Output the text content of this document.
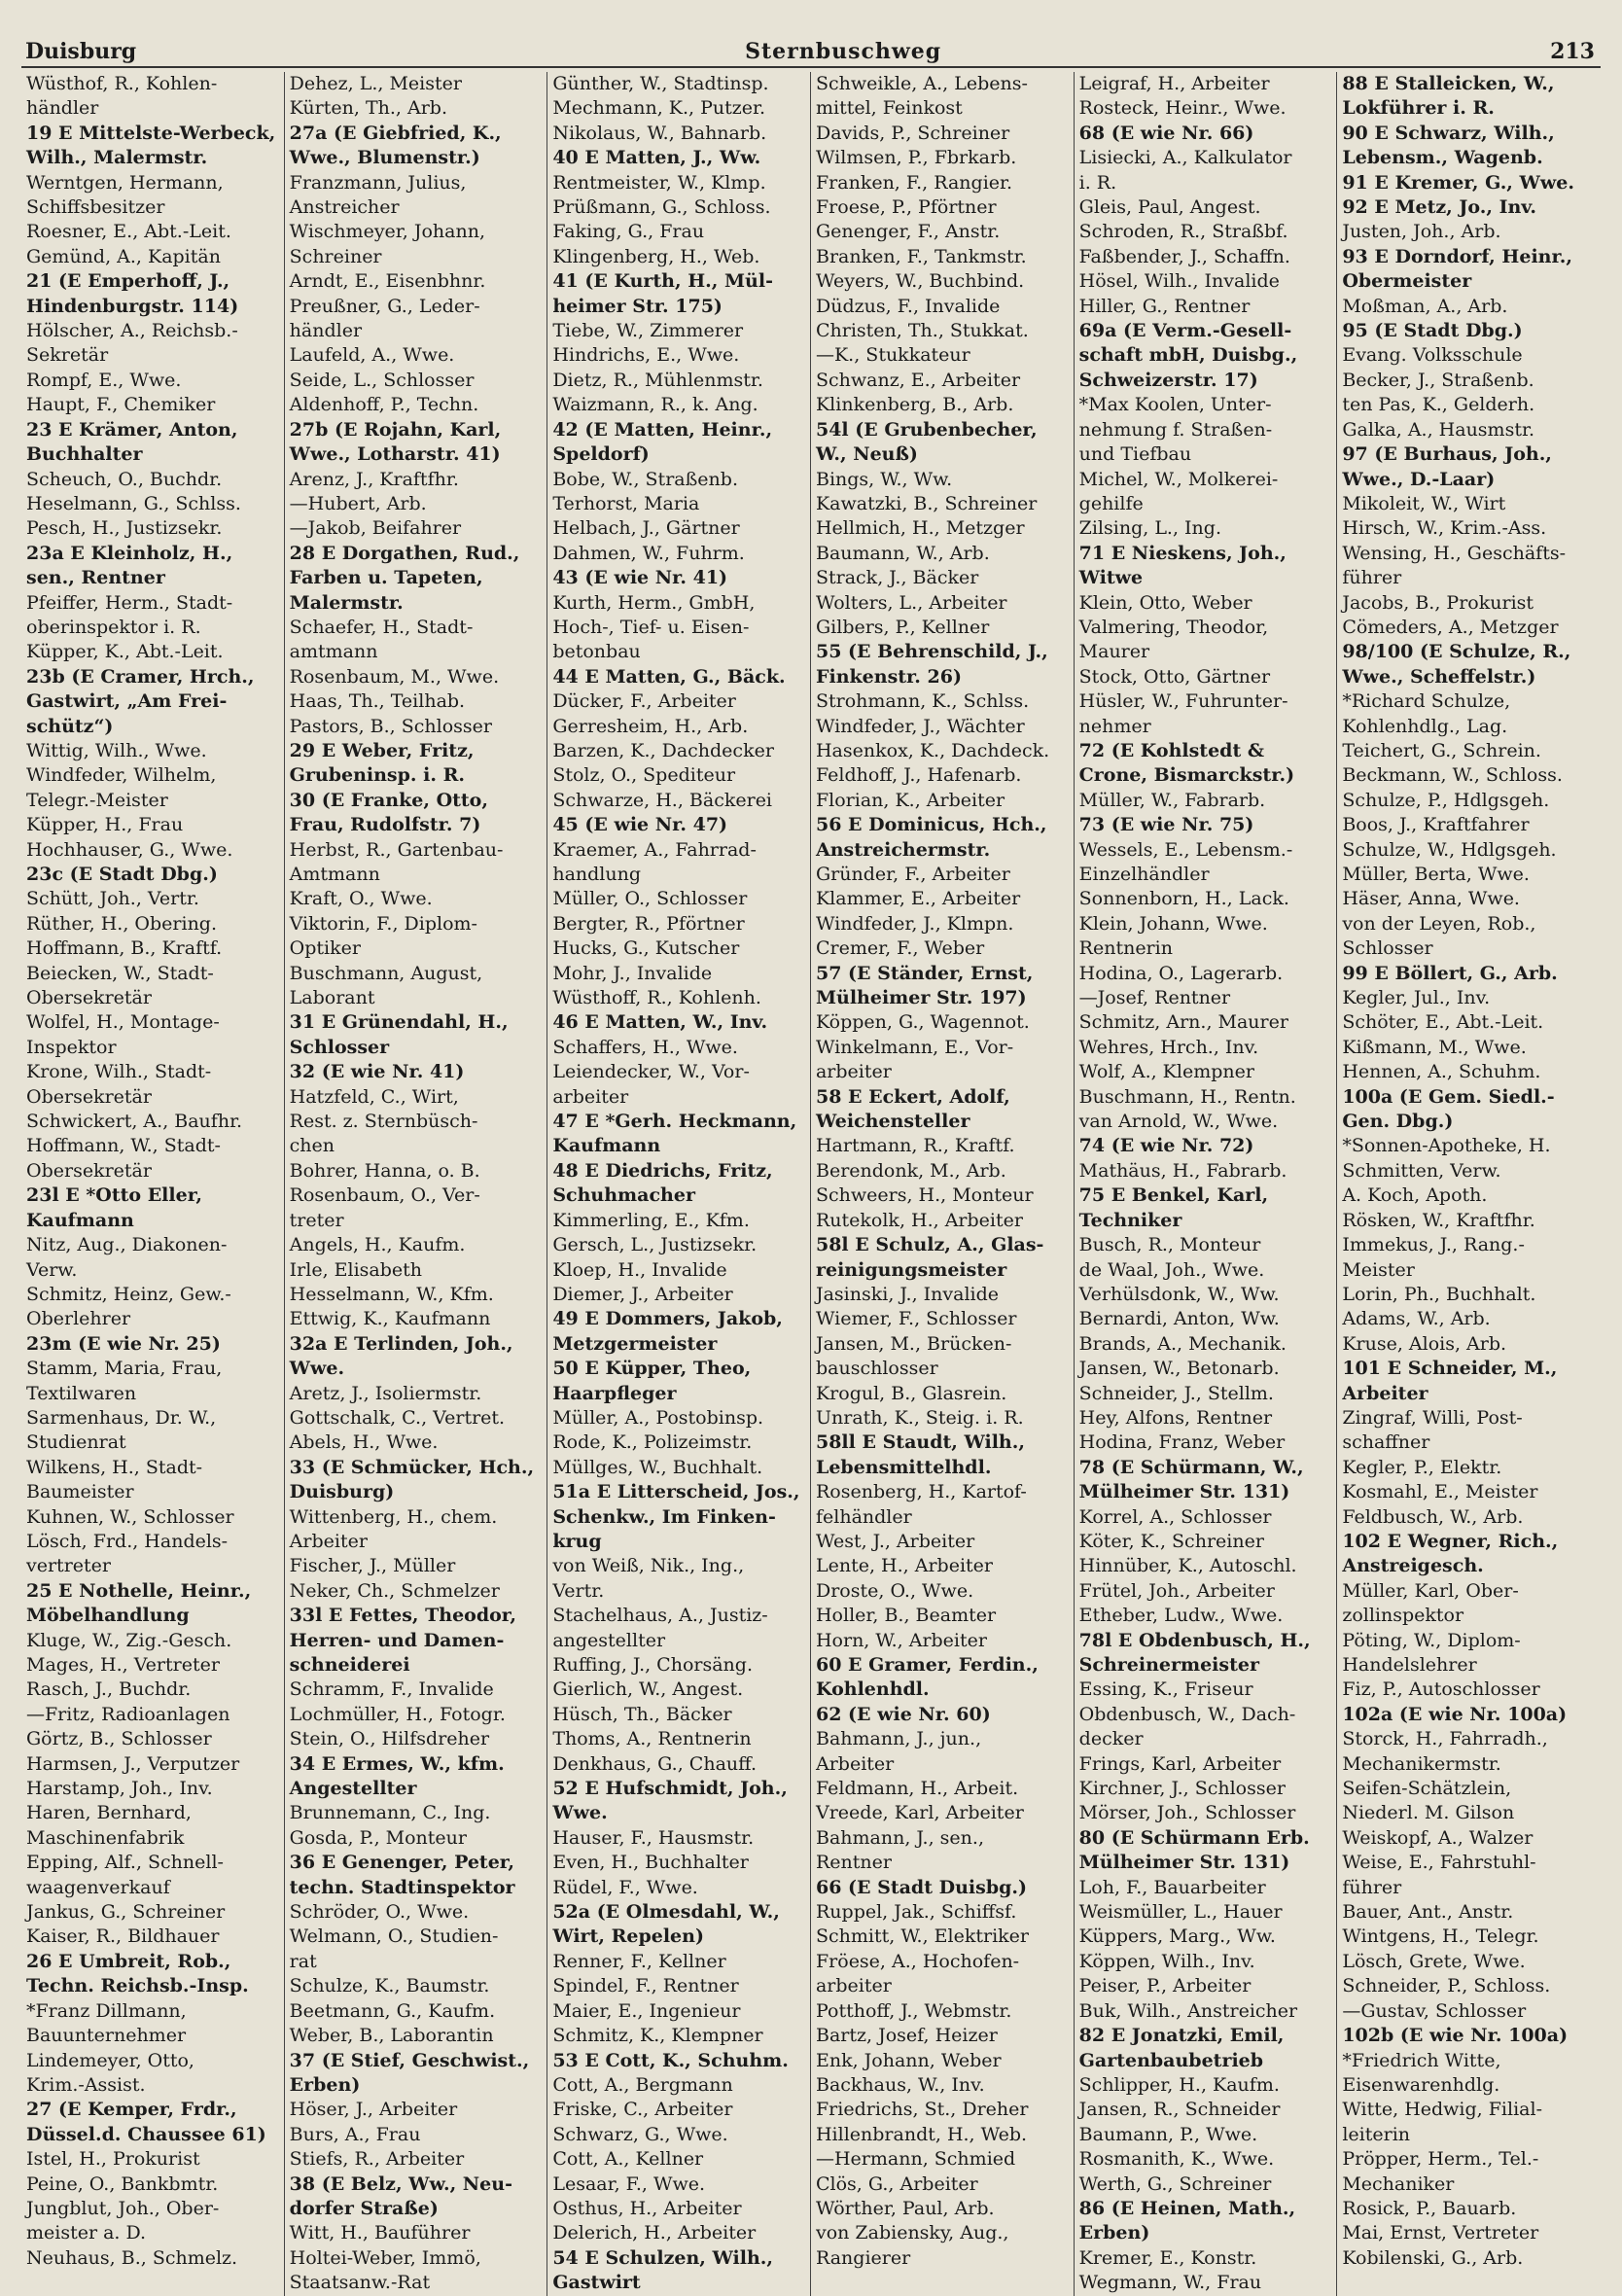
Duisburg	Sternbuschweg	213
Wüsthof, R., Kohlen-
händler
19 E Mittelste-Werbeck,
Wilh., Malermstr.
Werntgen, Hermann,
Schiffsbesitzer
Roesner, E., Abt.-Leit.
Gemünd, A., Kapitän
21 (E Emperhoff, J.,
Hindenburgstr. 114)
Hölscher, A., Reichsb.-
Sekretär
Rompf, E., Wwe.
Haupt, F., Chemiker
23 E Krämer, Anton,
Buchhalter
Scheuch, O., Buchdr.
Heselmann, G., Schlss.
Pesch, H., Justizsekr.
23a E Kleinholz, H.,
sen., Rentner
Pfeiffer, Herm., Stadt-
oberinspektor i. R.
Küpper, K., Abt.-Leit.
23b (E Cramer, Hrch.,
Gastwirt, „Am Frei-
schütz“)
Wittig, Wilh., Wwe.
Windfeder, Wilhelm,
Telegr.-Meister
Küpper, H., Frau
Hochhauser, G., Wwe.
23c (E Stadt Dbg.)
Schütt, Joh., Vertr.
Rüther, H., Obering.
Hoffmann, B., Kraftf.
Beiecken, W., Stadt-
Obersekretär
Wolfel, H., Montage-
Inspektor
Krone, Wilh., Stadt-
Obersekretär
Schwickert, A., Baufhr.
Hoffmann, W., Stadt-
Obersekretär
23l E *Otto Eller,
Kaufmann
Nitz, Aug., Diakonen-
Verw.
Schmitz, Heinz, Gew.-
Oberlehrer
23m (E wie Nr. 25)
Stamm, Maria, Frau,
Textilwaren
Sarmenhaus, Dr. W.,
Studienrat
Wilkens, H., Stadt-
Baumeister
Kuhnen, W., Schlosser
Lösch, Frd., Handels-
vertreter
25 E Nothelle, Heinr.,
Möbelhandlung
Kluge, W., Zig.-Gesch.
Mages, H., Vertreter
Rasch, J., Buchdr.
—Fritz, Radioanlagen
Görtz, B., Schlosser
Harmsen, J., Verputzer
Harstamp, Joh., Inv.
Haren, Bernhard,
Maschinenfabrik
Epping, Alf., Schnell-
waagenverkauf
Jankus, G., Schreiner
Kaiser, R., Bildhauer
26 E Umbreit, Rob.,
Techn. Reichsb.-Insp.
*Franz Dillmann,
Bauunternehmer
Lindemeyer, Otto,
Krim.-Assist.
27 (E Kemper, Frdr.,
Düssel.d. Chaussee 61)
Istel, H., Prokurist
Peine, O., Bankbmtr.
Jungblut, Joh., Ober-
meister a. D.
Neuhaus, B., Schmelz.
Dehez, L., Meister
Kürten, Th., Arb.
27a (E Giebfried, K.,
Wwe., Blumenstr.)
Franzmann, Julius,
Anstreicher
Wischmeyer, Johann,
Schreiner
Arndt, E., Eisenbhnr.
Preußner, G., Leder-
händler
Laufeld, A., Wwe.
Seide, L., Schlosser
Aldenhoff, P., Techn.
27b (E Rojahn, Karl,
Wwe., Lotharstr. 41)
Arenz, J., Kraftfhr.
—Hubert, Arb.
—Jakob, Beifahrer
28 E Dorgathen, Rud.,
Farben u. Tapeten,
Malermstr.
Schaefer, H., Stadt-
amtmann
Rosenbaum, M., Wwe.
Haas, Th., Teilhab.
Pastors, B., Schlosser
29 E Weber, Fritz,
Grubeninsp. i. R.
30 (E Franke, Otto,
Frau, Rudolfstr. 7)
Herbst, R., Gartenbau-
Amtmann
Kraft, O., Wwe.
Viktorin, F., Diplom-
Optiker
Buschmann, August,
Laborant
31 E Grünendahl, H.,
Schlosser
32 (E wie Nr. 41)
Hatzfeld, C., Wirt,
Rest. z. Sternbüsch-
chen
Bohrer, Hanna, o. B.
Rosenbaum, O., Ver-
treter
Angels, H., Kaufm.
Irle, Elisabeth
Hesselmann, W., Kfm.
Ettwig, K., Kaufmann
32a E Terlinden, Joh.,
Wwe.
Aretz, J., Isoliermstr.
Gottschalk, C., Vertret.
Abels, H., Wwe.
33 (E Schmücker, Hch.,
Duisburg)
Wittenberg, H., chem.
Arbeiter
Fischer, J., Müller
Neker, Ch., Schmelzer
33l E Fettes, Theodor,
Herren- und Damen-
schneiderei
Schramm, F., Invalide
Lochmüller, H., Fotogr.
Stein, O., Hilfsdreher
34 E Ermes, W., kfm.
Angestellter
Brunnemann, C., Ing.
Gosda, P., Monteur
36 E Genenger, Peter,
techn. Stadtinspektor
Schröder, O., Wwe.
Welmann, O., Studien-
rat
Schulze, K., Baumstr.
Beetmann, G., Kaufm.
Weber, B., Laborantin
37 (E Stief, Geschwist.,
Erben)
Höser, J., Arbeiter
Burs, A., Frau
Stiefs, R., Arbeiter
38 (E Belz, Ww., Neu-
dorfer Straße)
Witt, H., Bauführer
Holtei-Weber, Immö,
Staatsanw.-Rat
Günther, W., Stadtinsp.
Mechmann, K., Putzer.
Nikolaus, W., Bahnarb.
40 E Matten, J., Ww.
Rentmeister, W., Klmp.
Prüßmann, G., Schloss.
Faking, G., Frau
Klingenberg, H., Web.
41 (E Kurth, H., Mül-
heimer Str. 175)
Tiebe, W., Zimmerer
Hindrichs, E., Wwe.
Dietz, R., Mühlenmstr.
Waizmann, R., k. Ang.
42 (E Matten, Heinr.,
Speldorf)
Bobe, W., Straßenb.
Terhorst, Maria
Helbach, J., Gärtner
Dahmen, W., Fuhrm.
43 (E wie Nr. 41)
Kurth, Herm., GmbH,
Hoch-, Tief- u. Eisen-
betonbau
44 E Matten, G., Bäck.
Dücker, F., Arbeiter
Gerresheim, H., Arb.
Barzen, K., Dachdecker
Stolz, O., Spediteur
Schwarze, H., Bäckerei
45 (E wie Nr. 47)
Kraemer, A., Fahrrad-
handlung
Müller, O., Schlosser
Bergter, R., Pförtner
Hucks, G., Kutscher
Mohr, J., Invalide
Wüsthoff, R., Kohlenh.
46 E Matten, W., Inv.
Schaffers, H., Wwe.
Leiendecker, W., Vor-
arbeiter
47 E *Gerh. Heckmann,
Kaufmann
48 E Diedrichs, Fritz,
Schuhmacher
Kimmerling, E., Kfm.
Gersch, L., Justizsekr.
Kloep, H., Invalide
Diemer, J., Arbeiter
49 E Dommers, Jakob,
Metzgermeister
50 E Küpper, Theo,
Haarpfleger
Müller, A., Postobinsp.
Rode, K., Polizeimstr.
Müllges, W., Buchhalt.
51a E Litterscheid, Jos.,
Schenkw., Im Finken-
krug
von Weiß, Nik., Ing.,
Vertr.
Stachelhaus, A., Justiz-
angestellter
Ruffing, J., Chorsäng.
Gierlich, W., Angest.
Hüsch, Th., Bäcker
Thoms, A., Rentnerin
Denkhaus, G., Chauff.
52 E Hufschmidt, Joh.,
Wwe.
Hauser, F., Hausmstr.
Even, H., Buchhalter
Rüdel, F., Wwe.
52a (E Olmesdahl, W.,
Wirt, Repelen)
Renner, F., Kellner
Spindel, F., Rentner
Maier, E., Ingenieur
Schmitz, K., Klempner
53 E Cott, K., Schuhm.
Cott, A., Bergmann
Friske, C., Arbeiter
Schwarz, G., Wwe.
Cott, A., Kellner
Lesaar, F., Wwe.
Osthus, H., Arbeiter
Delerich, H., Arbeiter
54 E Schulzen, Wilh.,
Gastwirt
Schweikle, A., Lebens-
mittel, Feinkost
Davids, P., Schreiner
Wilmsen, P., Fbrkarb.
Franken, F., Rangier.
Froese, P., Pförtner
Genenger, F., Anstr.
Branken, F., Tankmstr.
Weyers, W., Buchbind.
Düdzus, F., Invalide
Christen, Th., Stukkat.
—K., Stukkateur
Schwanz, E., Arbeiter
Klinkenberg, B., Arb.
54l (E Grubenbecher,
W., Neuß)
Bings, W., Ww.
Kawatzki, B., Schreiner
Hellmich, H., Metzger
Baumann, W., Arb.
Strack, J., Bäcker
Wolters, L., Arbeiter
Gilbers, P., Kellner
55 (E Behrenschild, J.,
Finkenstr. 26)
Strohmann, K., Schlss.
Windfeder, J., Wächter
Hasenkox, K., Dachdeck.
Feldhoff, J., Hafenarb.
Florian, K., Arbeiter
56 E Dominicus, Hch.,
Anstreichermstr.
Gründer, F., Arbeiter
Klammer, E., Arbeiter
Windfeder, J., Klmpn.
Cremer, F., Weber
57 (E Ständer, Ernst,
Mülheimer Str. 197)
Köppen, G., Wagennot.
Winkelmann, E., Vor-
arbeiter
58 E Eckert, Adolf,
Weichensteller
Hartmann, R., Kraftf.
Berendonk, M., Arb.
Schweers, H., Monteur
Rutekolk, H., Arbeiter
58l E Schulz, A., Glas-
reinigungsmeister
Jasinski, J., Invalide
Wiemer, F., Schlosser
Jansen, M., Brücken-
bauschlosser
Krogul, B., Glasrein.
Unrath, K., Steig. i. R.
58ll E Staudt, Wilh.,
Lebensmittelhdl.
Rosenberg, H., Kartof-
felhändler
West, J., Arbeiter
Lente, H., Arbeiter
Droste, O., Wwe.
Holler, B., Beamter
Horn, W., Arbeiter
60 E Gramer, Ferdin.,
Kohlenhdl.
62 (E wie Nr. 60)
Bahmann, J., jun.,
Arbeiter
Feldmann, H., Arbeit.
Vreede, Karl, Arbeiter
Bahmann, J., sen.,
Rentner
66 (E Stadt Duisbg.)
Ruppel, Jak., Schiffsf.
Schmitt, W., Elektriker
Fröese, A., Hochofen-
arbeiter
Potthoff, J., Webmstr.
Bartz, Josef, Heizer
Enk, Johann, Weber
Backhaus, W., Inv.
Friedrichs, St., Dreher
Hillenbrandt, H., Web.
—Hermann, Schmied
Clös, G., Arbeiter
Wörther, Paul, Arb.
von Zabiensky, Aug.,
Rangierer
Leigraf, H., Arbeiter
Rosteck, Heinr., Wwe.
68 (E wie Nr. 66)
Lisiecki, A., Kalkulator
i. R.
Gleis, Paul, Angest.
Schroden, R., Straßbf.
Faßbender, J., Schaffn.
Hösel, Wilh., Invalide
Hiller, G., Rentner
69a (E Verm.-Gesell-
schaft mbH, Duisbg.,
Schweizerstr. 17)
*Max Koolen, Unter-
nehmung f. Straßen-
und Tiefbau
Michel, W., Molkerei-
gehilfe
Zilsing, L., Ing.
71 E Nieskens, Joh.,
Witwe
Klein, Otto, Weber
Valmering, Theodor,
Maurer
Stock, Otto, Gärtner
Hüsler, W., Fuhrunter-
nehmer
72 (E Kohlstedt &
Crone, Bismarckstr.)
Müller, W., Fabrarb.
73 (E wie Nr. 75)
Wessels, E., Lebensm.-
Einzelhändler
Sonnenborn, H., Lack.
Klein, Johann, Wwe.
Rentnerin
Hodina, O., Lagerarb.
—Josef, Rentner
Schmitz, Arn., Maurer
Wehres, Hrch., Inv.
Wolf, A., Klempner
Buschmann, H., Rentn.
van Arnold, W., Wwe.
74 (E wie Nr. 72)
Mathäus, H., Fabrarb.
75 E Benkel, Karl,
Techniker
Busch, R., Monteur
de Waal, Joh., Wwe.
Verhülsdonk, W., Ww.
Bernardi, Anton, Ww.
Brands, A., Mechanik.
Jansen, W., Betonarb.
Schneider, J., Stellm.
Hey, Alfons, Rentner
Hodina, Franz, Weber
78 (E Schürmann, W.,
Mülheimer Str. 131)
Korrel, A., Schlosser
Köter, K., Schreiner
Hinnüber, K., Autoschl.
Frütel, Joh., Arbeiter
Etheber, Ludw., Wwe.
78l E Obdenbusch, H.,
Schreinermeister
Essing, K., Friseur
Obdenbusch, W., Dach-
decker
Frings, Karl, Arbeiter
Kirchner, J., Schlosser
Mörser, Joh., Schlosser
80 (E Schürmann Erb.
Mülheimer Str. 131)
Loh, F., Bauarbeiter
Weismüller, L., Hauer
Küppers, Marg., Ww.
Köppen, Wilh., Inv.
Peiser, P., Arbeiter
Buk, Wilh., Anstreicher
82 E Jonatzki, Emil,
Gartenbaubetrieb
Schlipper, H., Kaufm.
Jansen, R., Schneider
Baumann, P., Wwe.
Rosmanith, K., Wwe.
Werth, G., Schreiner
86 (E Heinen, Math.,
Erben)
Kremer, E., Konstr.
Wegmann, W., Frau
88 E Stalleicken, W.,
Lokführer i. R.
90 E Schwarz, Wilh.,
Lebensm., Wagenb.
91 E Kremer, G., Wwe.
92 E Metz, Jo., Inv.
Justen, Joh., Arb.
93 E Dorndorf, Heinr.,
Obermeister
Moßman, A., Arb.
95 (E Stadt Dbg.)
Evang. Volksschule
Becker, J., Straßenb.
ten Pas, K., Gelderh.
Galka, A., Hausmstr.
97 (E Burhaus, Joh.,
Wwe., D.-Laar)
Mikoleit, W., Wirt
Hirsch, W., Krim.-Ass.
Wensing, H., Geschäfts-
führer
Jacobs, B., Prokurist
Cömeders, A., Metzger
98/100 (E Schulze, R.,
Wwe., Scheffelstr.)
*Richard Schulze,
Kohlenhdlg., Lag.
Teichert, G., Schrein.
Beckmann, W., Schloss.
Schulze, P., Hdlgsgeh.
Boos, J., Kraftfahrer
Schulze, W., Hdlgsgeh.
Müller, Berta, Wwe.
Häser, Anna, Wwe.
von der Leyen, Rob.,
Schlosser
99 E Böllert, G., Arb.
Kegler, Jul., Inv.
Schöter, E., Abt.-Leit.
Kißmann, M., Wwe.
Hennen, A., Schuhm.
100a (E Gem. Siedl.-
Gen. Dbg.)
*Sonnen-Apotheke, H.
Schmitten, Verw.
A. Koch, Apoth.
Rösken, W., Kraftfhr.
Immekus, J., Rang.-
Meister
Lorin, Ph., Buchhalt.
Adams, W., Arb.
Kruse, Alois, Arb.
101 E Schneider, M.,
Arbeiter
Zingraf, Willi, Post-
schaffner
Kegler, P., Elektr.
Kosmahl, E., Meister
Feldbusch, W., Arb.
102 E Wegner, Rich.,
Anstreigesch.
Müller, Karl, Ober-
zollinspektor
Pöting, W., Diplom-
Handelslehrer
Fiz, P., Autoschlosser
102a (E wie Nr. 100a)
Storck, H., Fahrradh.,
Mechanikermstr.
Seifen-Schätzlein,
Niederl. M. Gilson
Weiskopf, A., Walzer
Weise, E., Fahrstuhl-
führer
Bauer, Ant., Anstr.
Wintgens, H., Telegr.
Lösch, Grete, Wwe.
Schneider, P., Schloss.
—Gustav, Schlosser
102b (E wie Nr. 100a)
*Friedrich Witte,
Eisenwarenhdlg.
Witte, Hedwig, Filial-
leiterin
Pröpper, Herm., Tel.-
Mechaniker
Rosick, P., Bauarb.
Mai, Ernst, Vertreter
Kobilenski, G., Arb.
